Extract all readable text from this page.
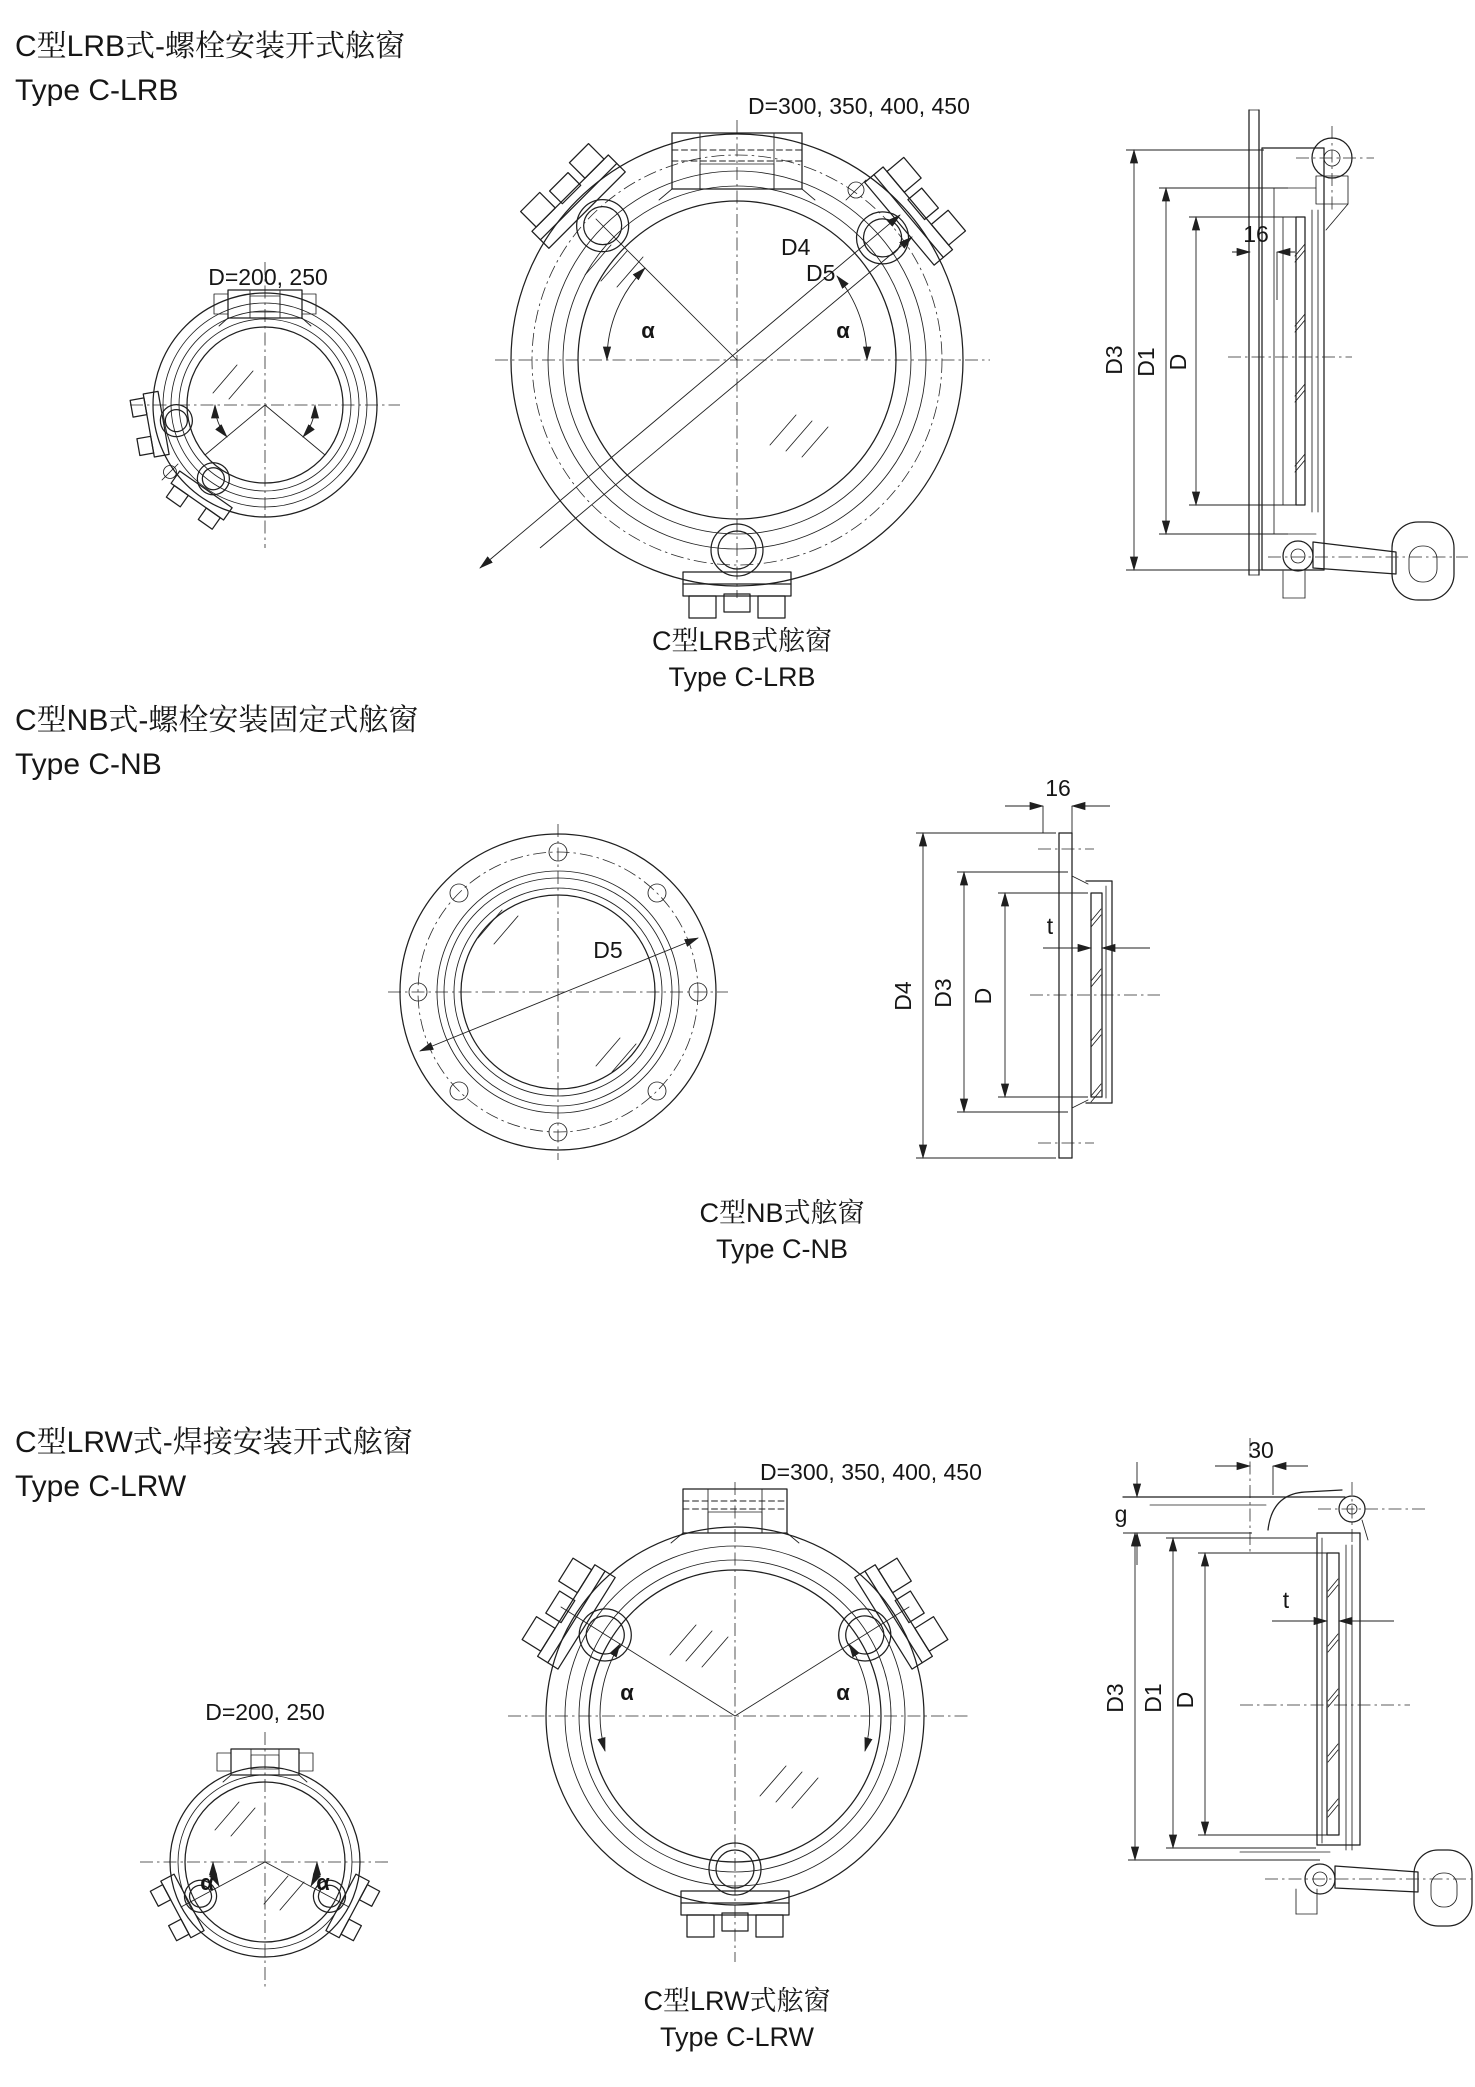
C型LRB式-螺栓安装开式舷窗
Type C-LRB
D=200, 250
D=300, 350, 400, 450
D4
D5
α	α
C型LRB式舷窗
Type C-LRB
D3 D1 D
16
C型NB式-螺栓安装固定式舷窗
Type C-NB
D5
16
D4 D3 D
t
C型NB式舷窗
Type C-NB
C型LRW式-焊接安装开式舷窗
Type C-LRW
D=200, 250
α	α
D=300, 350, 400, 450
α	α
C型LRW式舷窗
Type C-LRW
30
g
D3 D1 D
t
